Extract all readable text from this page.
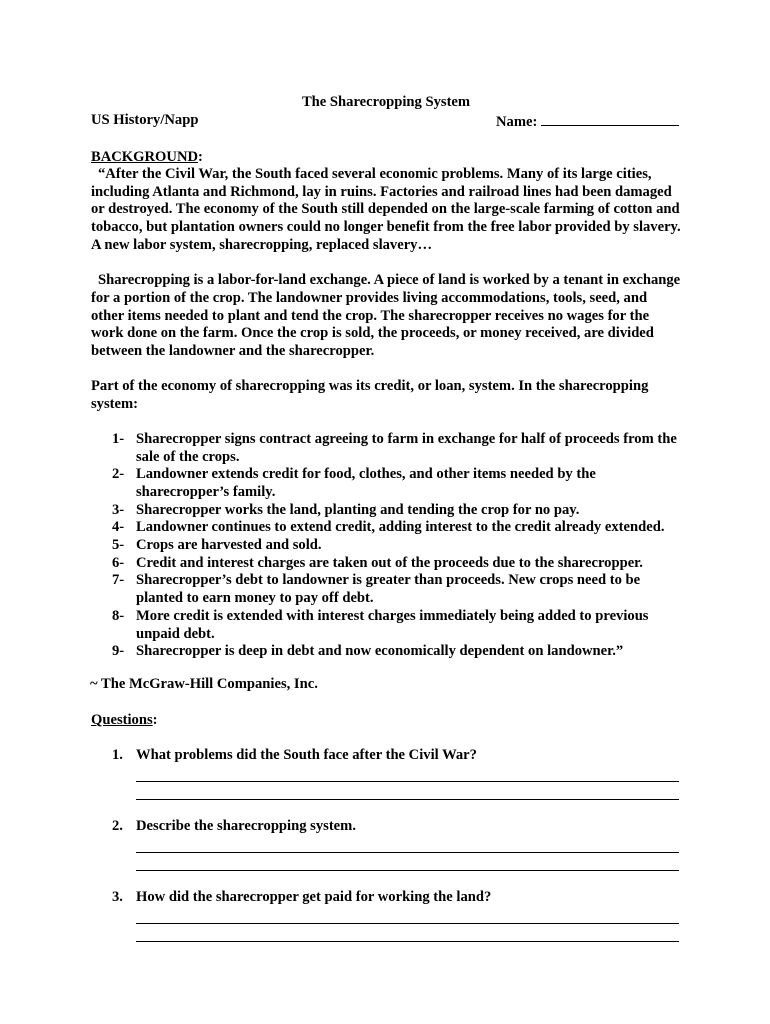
The Sharecropping System
US History/Napp	Name:
BACKGROUND:

“After the Civil War, the South faced several economic problems. Many of its large cities, including Atlanta and Richmond, lay in ruins. Factories and railroad lines had been damaged or destroyed. The economy of the South still depended on the large-scale farming of cotton and tobacco, but plantation owners could no longer benefit from the free labor provided by slavery. A new labor system, sharecropping, replaced slavery…

Sharecropping is a labor-for-land exchange. A piece of land is worked by a tenant in exchange for a portion of the crop. The landowner provides living accommodations, tools, seed, and other items needed to plant and tend the crop. The sharecropper receives no wages for the work done on the farm. Once the crop is sold, the proceeds, or money received, are divided between the landowner and the sharecropper.

Part of the economy of sharecropping was its credit, or loan, system. In the sharecropping system:

1- Sharecropper signs contract agreeing to farm in exchange for half of proceeds from the sale of the crops.
2- Landowner extends credit for food, clothes, and other items needed by the sharecropper’s family.
3- Sharecropper works the land, planting and tending the crop for no pay.
4- Landowner continues to extend credit, adding interest to the credit already extended.
5- Crops are harvested and sold.
6- Credit and interest charges are taken out of the proceeds due to the sharecropper.
7- Sharecropper’s debt to landowner is greater than proceeds. New crops need to be planted to earn money to pay off debt.
8- More credit is extended with interest charges immediately being added to previous unpaid debt.
9- Sharecropper is deep in debt and now economically dependent on landowner.”
~ The McGraw-Hill Companies, Inc.
Questions:
1. What problems did the South face after the Civil War?
2. Describe the sharecropping system.
3. How did the sharecropper get paid for working the land?
